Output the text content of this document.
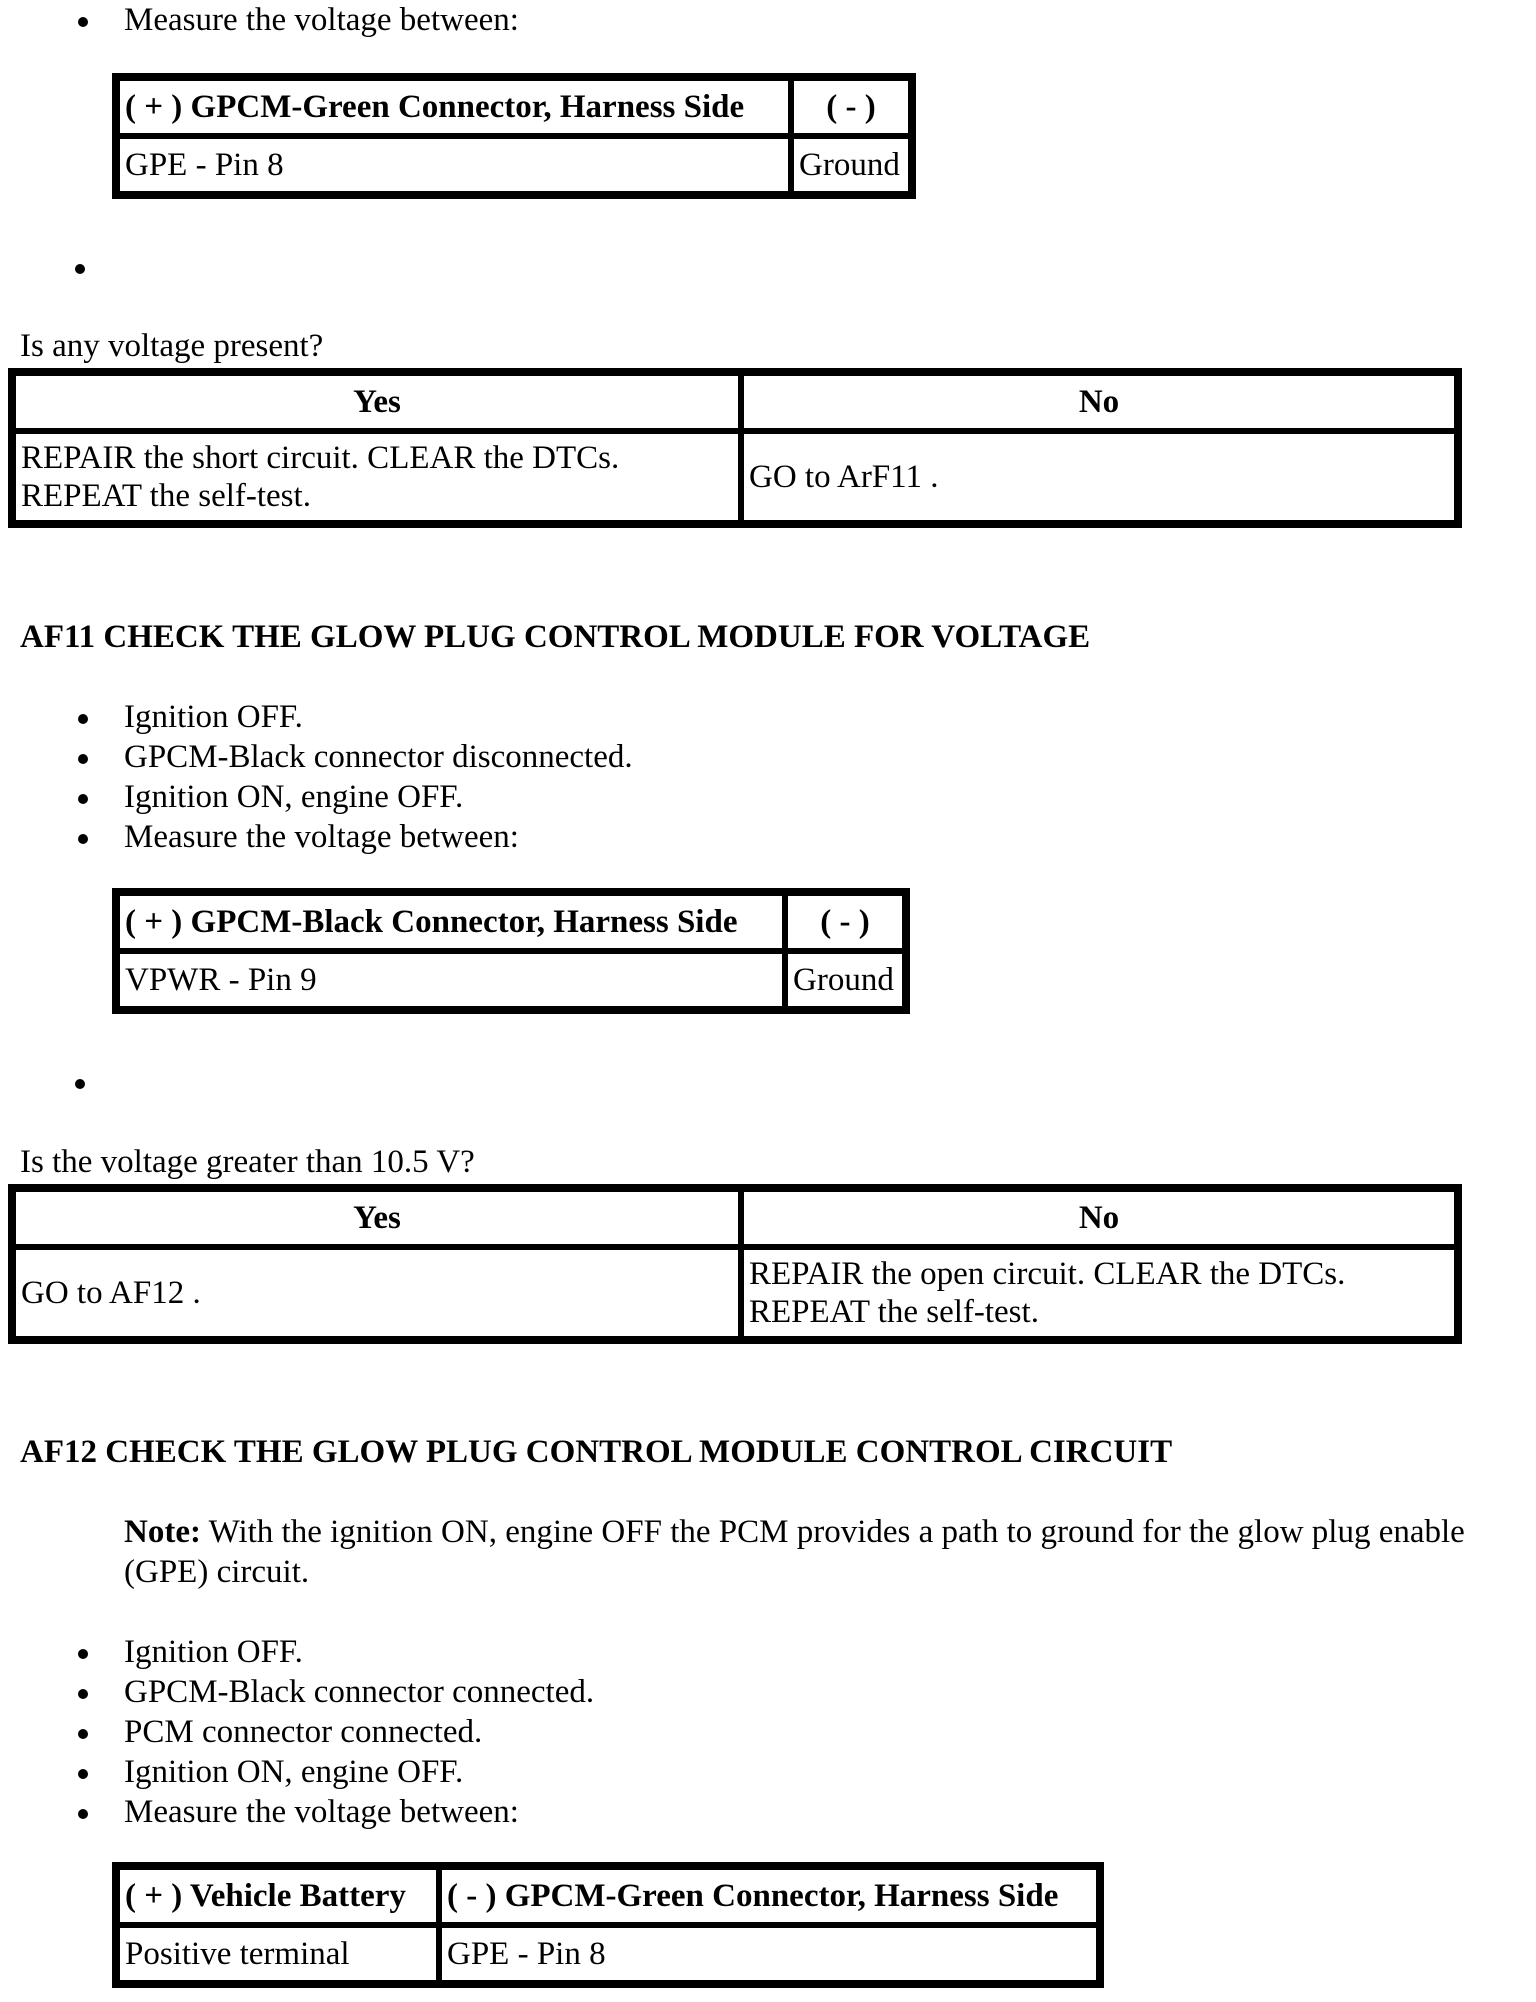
Measure the voltage between:
( + ) GPCM-Green Connector, Harness Side	( - )
GPE - Pin 8	Ground
Is any voltage present?
Yes	No

REPAIR the short circuit. CLEAR the DTCs.
REPEAT the self-test.	GO to ArF11 .
AF11 CHECK THE GLOW PLUG CONTROL MODULE FOR VOLTAGE
Ignition OFF.
GPCM-Black connector disconnected.
Ignition ON, engine OFF.
Measure the voltage between:
( + ) GPCM-Black Connector, Harness Side	( - )
VPWR - Pin 9	Ground
Is the voltage greater than 10.5 V?
Yes	No
GO to AF12 .	REPAIR the open circuit. CLEAR the DTCs.
REPEAT the self-test.
AF12 CHECK THE GLOW PLUG CONTROL MODULE CONTROL CIRCUIT
Note: With the ignition ON, engine OFF the PCM provides a path to ground for the glow plug enable (GPE) circuit.
Ignition OFF.
GPCM-Black connector connected.
PCM connector connected.
Ignition ON, engine OFF.
Measure the voltage between:
( + ) Vehicle Battery	( - ) GPCM-Green Connector, Harness Side
Positive terminal	GPE - Pin 8
